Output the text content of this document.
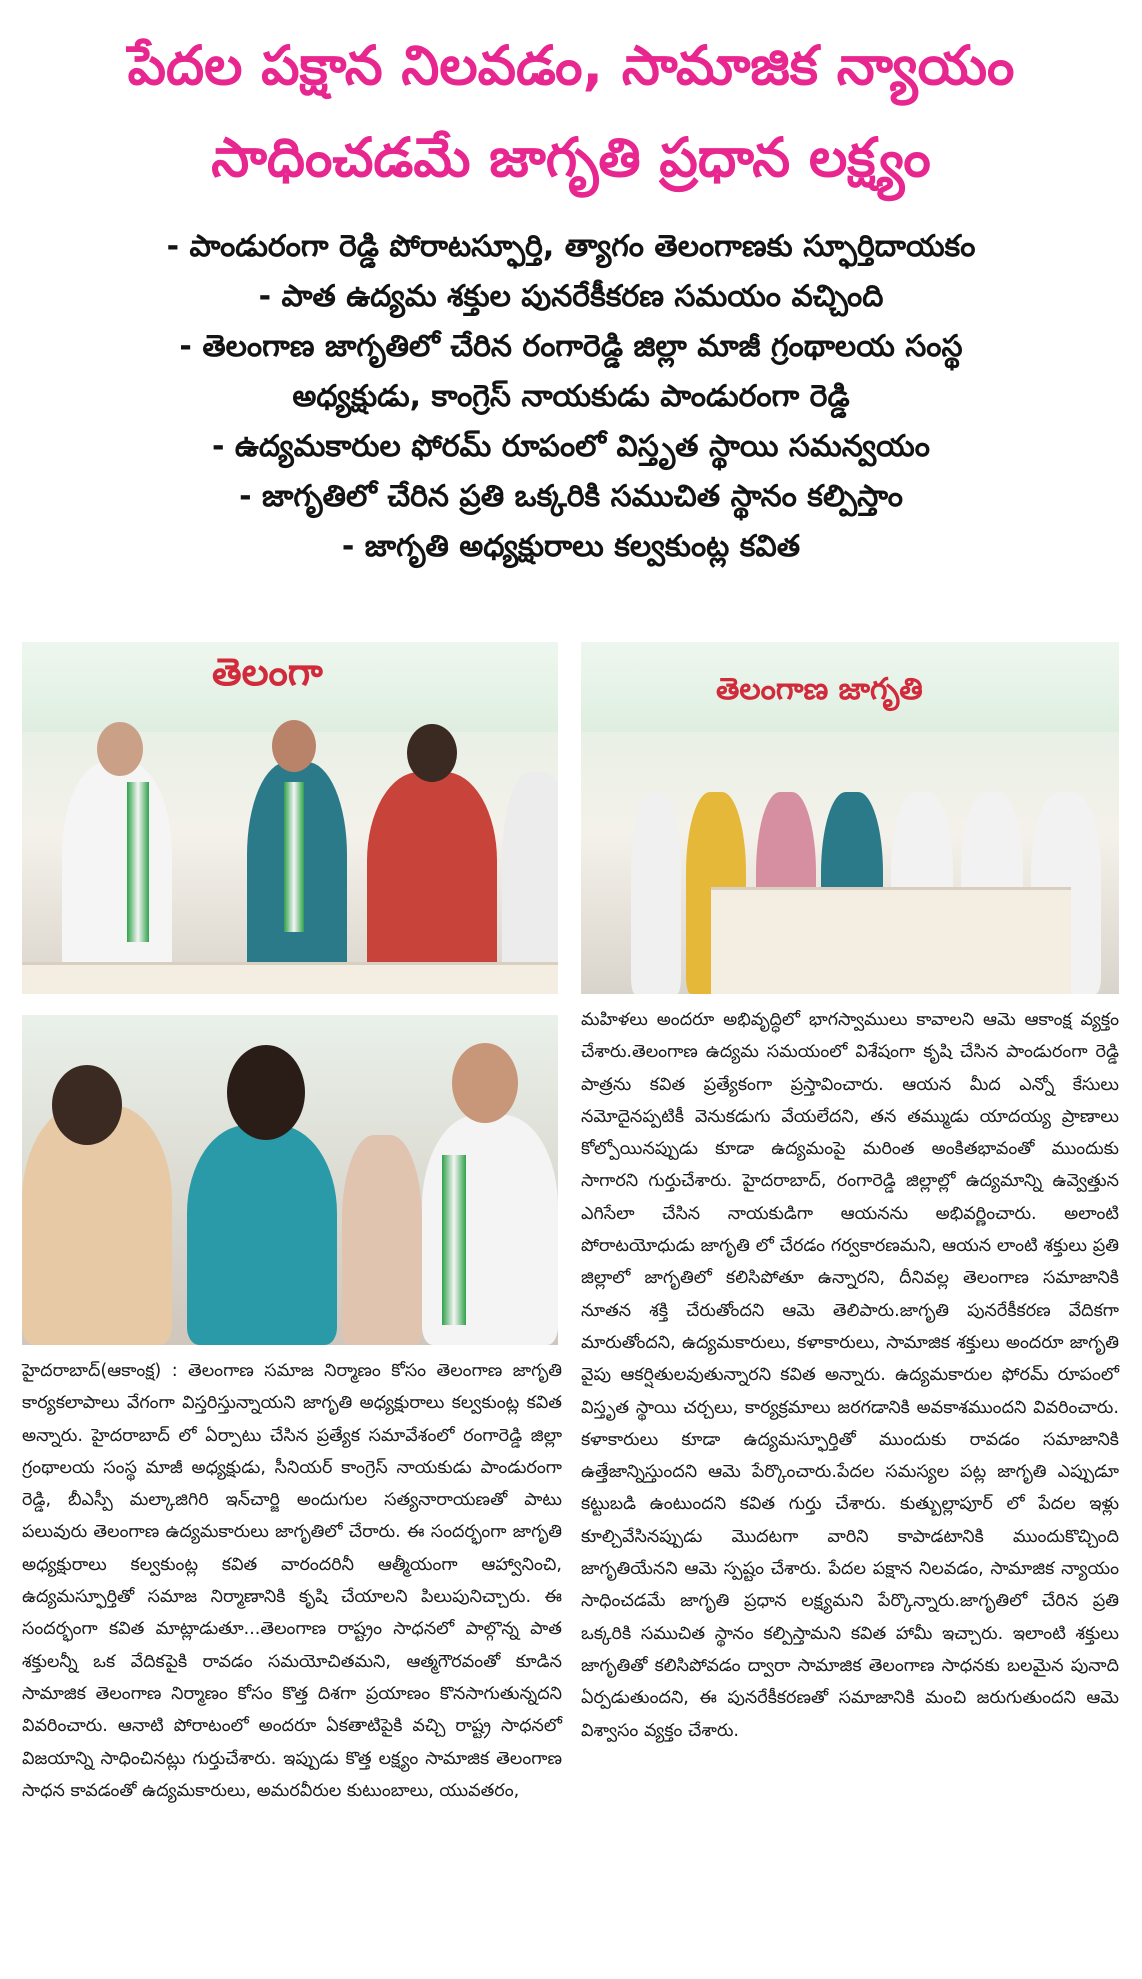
పేదల పక్షాన నిలవడం, సామాజిక న్యాయం
సాధించడమే జాగృతి ప్రధాన లక్ష్యం
- పాండురంగా రెడ్డి పోరాటస్ఫూర్తి, త్యాగం తెలంగాణకు స్ఫూర్తిదాయకం
- పాత ఉద్యమ శక్తుల పునరేకీకరణ సమయం వచ్చింది
- తెలంగాణ జాగృతిలో చేరిన రంగారెడ్డి జిల్లా మాజీ గ్రంథాలయ సంస్థ
అధ్యక్షుడు, కాంగ్రెస్ నాయకుడు పాండురంగా రెడ్డి
- ఉద్యమకారుల ఫోరమ్ రూపంలో విస్తృత స్థాయి సమన్వయం
- జాగృతిలో చేరిన ప్రతి ఒక్కరికి సముచిత స్థానం కల్పిస్తాం
- జాగృతి అధ్యక్షురాలు కల్వకుంట్ల కవిత
తెలంగా	తెలంగాణ జాగృతి

హైదరాబాద్(ఆకాంక్ష) : తెలంగాణ సమాజ నిర్మాణం కోసం తెలంగాణ జాగృతి కార్యకలాపాలు వేగంగా విస్తరిస్తున్నాయని జాగృతి అధ్యక్షురాలు కల్వకుంట్ల కవిత అన్నారు. హైదరాబాద్ లో ఏర్పాటు చేసిన ప్రత్యేక సమావేశంలో రంగారెడ్డి జిల్లా గ్రంథాలయ సంస్థ మాజీ అధ్యక్షుడు, సీనియర్ కాంగ్రెస్ నాయకుడు పాండురంగా రెడ్డి, బీఎస్పీ మల్కాజిగిరి ఇన్‌చార్జి అందుగుల సత్యనారాయణతో పాటు పలువురు తెలంగాణ ఉద్యమకారులు జాగృతిలో చేరారు. ఈ సందర్భంగా జాగృతి అధ్యక్షురాలు కల్వకుంట్ల కవిత వారందరినీ ఆత్మీయంగా ఆహ్వానించి, ఉద్యమస్ఫూర్తితో సమాజ నిర్మాణానికి కృషి చేయాలని పిలుపునిచ్చారు. ఈ సందర్భంగా కవిత మాట్లాడుతూ...తెలంగాణ రాష్ట్రం సాధనలో పాల్గొన్న పాత శక్తులన్నీ ఒక వేదికపైకి రావడం సమయోచితమని, ఆత్మగౌరవంతో కూడిన సామాజిక తెలంగాణ నిర్మాణం కోసం కొత్త దిశగా ప్రయాణం కొనసాగుతున్నదని వివరించారు. ఆనాటి పోరాటంలో అందరూ ఏకతాటిపైకి వచ్చి రాష్ట్ర సాధనలో విజయాన్ని సాధించినట్లు గుర్తుచేశారు. ఇప్పుడు కొత్త లక్ష్యం సామాజిక తెలంగాణ సాధన కావడంతో ఉద్యమకారులు, అమరవీరుల కుటుంబాలు, యువతరం,

మహిళలు అందరూ అభివృద్ధిలో భాగస్వాములు కావాలని ఆమె ఆకాంక్ష వ్యక్తం చేశారు.తెలంగాణ ఉద్యమ సమయంలో విశేషంగా కృషి చేసిన పాండురంగా రెడ్డి పాత్రను కవిత ప్రత్యేకంగా ప్రస్తావించారు. ఆయన మీద ఎన్నో కేసులు నమోదైనప్పటికీ వెనుకడుగు వేయలేదని, తన తమ్ముడు యాదయ్య ప్రాణాలు కోల్పోయినప్పుడు కూడా ఉద్యమంపై మరింత అంకితభావంతో ముందుకు సాగారని గుర్తుచేశారు. హైదరాబాద్, రంగారెడ్డి జిల్లాల్లో ఉద్యమాన్ని ఉవ్వెత్తున ఎగిసేలా చేసిన నాయకుడిగా ఆయనను అభివర్ణించారు. అలాంటి పోరాటయోధుడు జాగృతి లో చేరడం గర్వకారణమని, ఆయన లాంటి శక్తులు ప్రతి జిల్లాలో జాగృతిలో కలిసిపోతూ ఉన్నారని, దీనివల్ల తెలంగాణ సమాజానికి నూతన శక్తి చేరుతోందని ఆమె తెలిపారు.జాగృతి పునరేకీకరణ వేదికగా మారుతోందని, ఉద్యమకారులు, కళాకారులు, సామాజిక శక్తులు అందరూ జాగృతి వైపు ఆకర్షితులవుతున్నారని కవిత అన్నారు. ఉద్యమకారుల ఫోరమ్ రూపంలో విస్తృత స్థాయి చర్చలు, కార్యక్రమాలు జరగడానికి అవకాశముందని వివరించారు. కళాకారులు కూడా ఉద్యమస్ఫూర్తితో ముందుకు రావడం సమాజానికి ఉత్తేజాన్నిస్తుందని ఆమె పేర్కొంచారు.పేదల సమస్యల పట్ల జాగృతి ఎప్పుడూ కట్టుబడి ఉంటుందని కవిత గుర్తు చేశారు. కుత్బుల్లాపూర్ లో పేదల ఇళ్లు కూల్చివేసినప్పుడు మొదటగా వారిని కాపాడటానికి ముందుకొచ్చింది జాగృతియేనని ఆమె స్పష్టం చేశారు. పేదల పక్షాన నిలవడం, సామాజిక న్యాయం సాధించడమే జాగృతి ప్రధాన లక్ష్యమని పేర్కొన్నారు.జాగృతిలో చేరిన ప్రతి ఒక్కరికి సముచిత స్థానం కల్పిస్తామని కవిత హామీ ఇచ్చారు. ఇలాంటి శక్తులు జాగృతితో కలిసిపోవడం ద్వారా సామాజిక తెలంగాణ సాధనకు బలమైన పునాది ఏర్పడుతుందని, ఈ పునరేకీకరణతో సమాజానికి మంచి జరుగుతుందని ఆమె విశ్వాసం వ్యక్తం చేశారు.
